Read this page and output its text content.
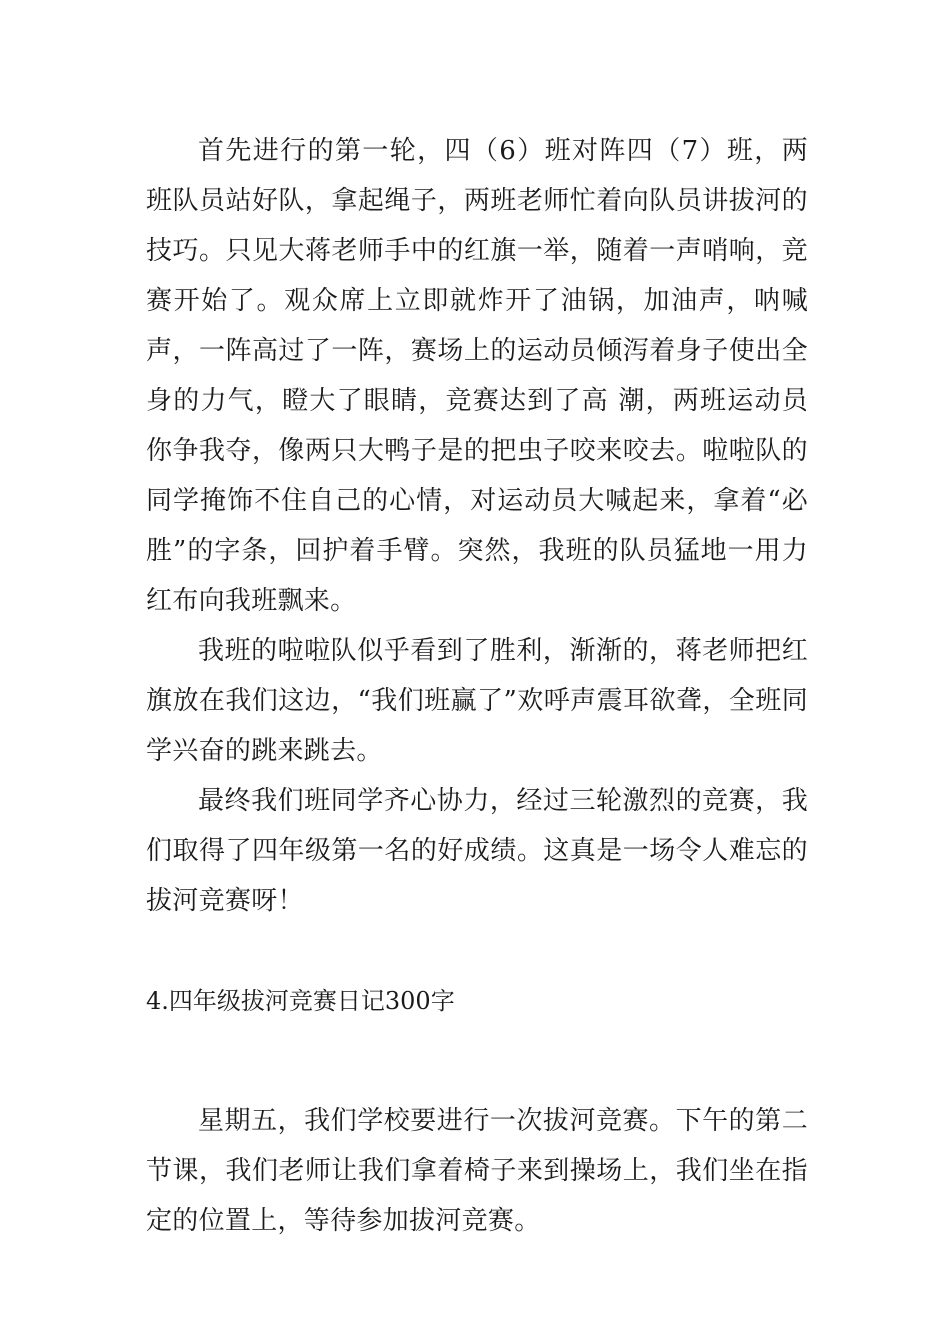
首先进行的第一轮，四（6）班对阵四（7）班，两班队员站好队，拿起绳子，两班老师忙着向队员讲拔河的技巧。只见大蒋老师手中的红旗一举，随着一声哨响，竞赛开始了。观众席上立即就炸开了油锅，加油声，呐喊声，一阵高过了一阵，赛场上的运动员倾泻着身子使出全身的力气，瞪大了眼睛，竞赛达到了高 潮，两班运动员你争我夺，像两只大鸭子是的把虫子咬来咬去。啦啦队的同学掩饰不住自己的心情，对运动员大喊起来，拿着“必胜”的字条，回护着手臂。突然，我班的队员猛地一用力红布向我班飘来。

我班的啦啦队似乎看到了胜利，渐渐的，蒋老师把红旗放在我们这边，“我们班赢了”欢呼声震耳欲聋，全班同学兴奋的跳来跳去。

最终我们班同学齐心协力，经过三轮激烈的竞赛，我们取得了四年级第一名的好成绩。这真是一场令人难忘的拔河竞赛呀！

4.四年级拔河竞赛日记300字

星期五，我们学校要进行一次拔河竞赛。下午的第二节课，我们老师让我们拿着椅子来到操场上，我们坐在指定的位置上，等待参加拔河竞赛。
